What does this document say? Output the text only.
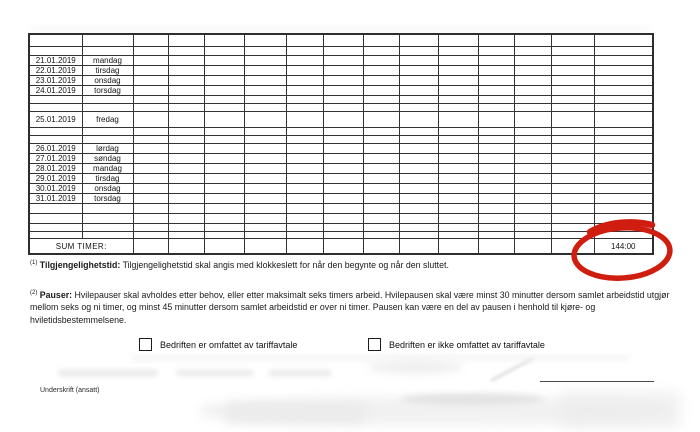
21.01.2019	mandag													
22.01.2019	tirsdag													
23.01.2019	onsdag													
24.01.2019	torsdag													

25.01.2019	fredag													

26.01.2019	lørdag													
27.01.2019	søndag													
28.01.2019	mandag													
29.01.2019	tirsdag													
30.01.2019	onsdag													
31.01.2019	torsdag													

SUM TIMER:														144:00
$^{(1)}$ Tilgjengelighetstid: Tilgjengelighetstid skal angis med klokkeslett for når den begynte og når den sluttet.
$^{(2)}$ Pauser: Hvilepauser skal avholdes etter behov, eller etter maksimalt seks timers arbeid. Hvilepausen skal være minst 30 minutter dersom samlet arbeidstid utgjør mellom seks og ni timer, og minst 45 minutter dersom samlet arbeidstid er over ni timer. Pausen kan være en del av pausen i henhold til kjøre- og hviletidsbestemmelsene.
Bedriften er omfattet av tariffavtale	Bedriften er ikke omfattet av tariffavtale
Underskrift (ansatt)
